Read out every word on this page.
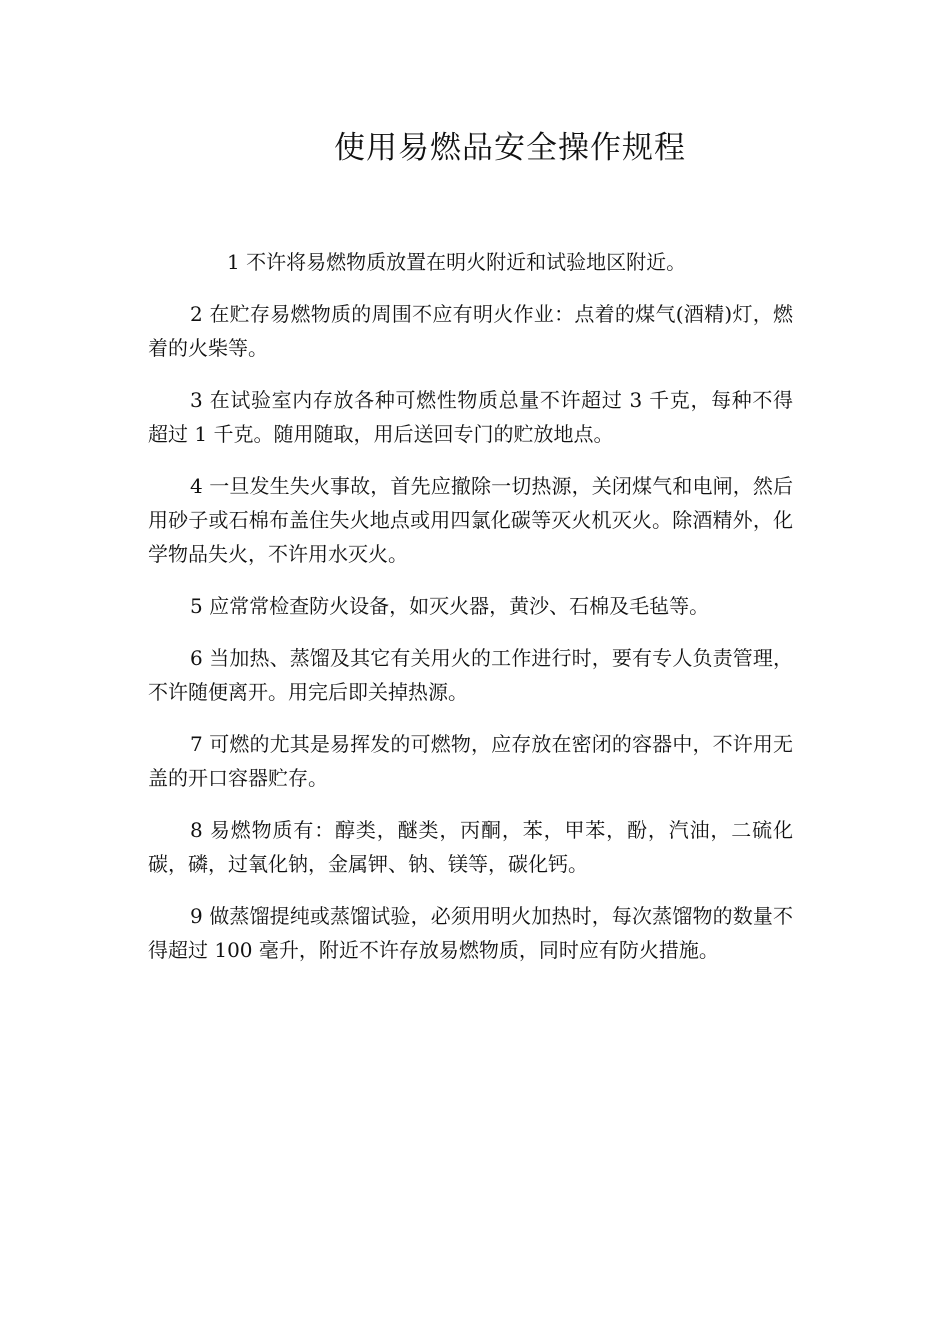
使用易燃品安全操作规程

1 不许将易燃物质放置在明火附近和试验地区附近。

2 在贮存易燃物质的周围不应有明火作业：点着的煤气(酒精)灯，燃着的火柴等。

3 在试验室内存放各种可燃性物质总量不许超过 3 千克，每种不得超过 1 千克。随用随取，用后送回专门的贮放地点。

4 一旦发生失火事故，首先应撤除一切热源，关闭煤气和电闸，然后用砂子或石棉布盖住失火地点或用四氯化碳等灭火机灭火。除酒精外，化学物品失火，不许用水灭火。

5 应常常检查防火设备，如灭火器，黄沙、石棉及毛毡等。

6 当加热、蒸馏及其它有关用火的工作进行时，要有专人负责管理，不许随便离开。用完后即关掉热源。

7 可燃的尤其是易挥发的可燃物，应存放在密闭的容器中，不许用无盖的开口容器贮存。

8 易燃物质有：醇类，醚类，丙酮，苯，甲苯，酚，汽油，二硫化碳，磷，过氧化钠，金属钾、钠、镁等，碳化钙。

9 做蒸馏提纯或蒸馏试验，必须用明火加热时，每次蒸馏物的数量不得超过 100 毫升，附近不许存放易燃物质，同时应有防火措施。
